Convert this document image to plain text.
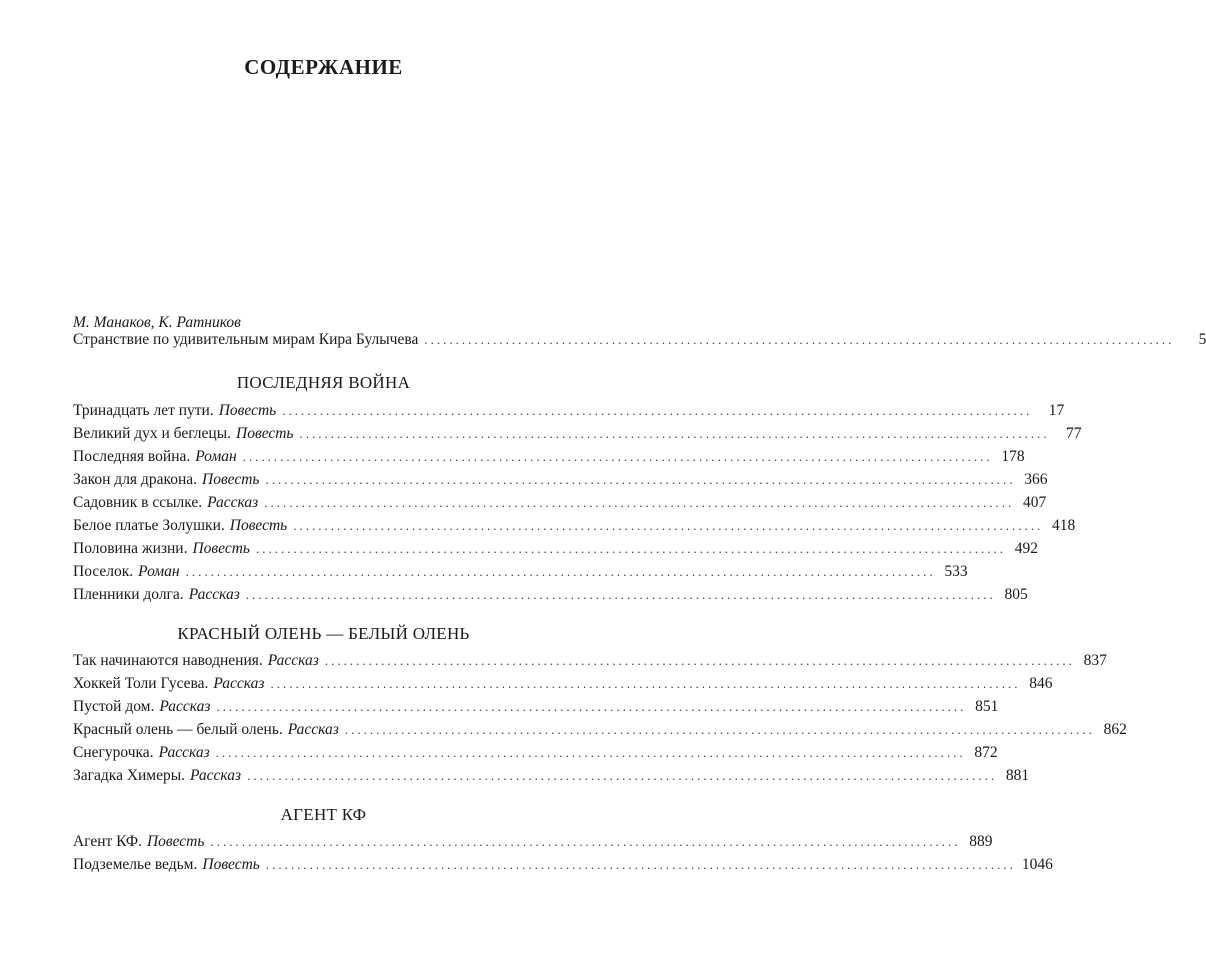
СОДЕРЖАНИЕ
М. Манаков, К. Ратников
Странствие по удивительным мирам Кира Булычева ........................................................................................................................	5
ПОСЛЕДНЯЯ ВОЙНА
Тринадцать лет пути. Повесть ........................................................................................................................	17
Великий дух и беглецы. Повесть ........................................................................................................................	77
Последняя война. Роман ........................................................................................................................ 178
Закон для дракона. Повесть ........................................................................................................................ 366
Садовник в ссылке. Рассказ ........................................................................................................................ 407
Белое платье Золушки. Повесть ........................................................................................................................ 418
Половина жизни. Повесть ........................................................................................................................ 492
Поселок. Роман ........................................................................................................................ 533
Пленники долга. Рассказ ........................................................................................................................ 805
КРАСНЫЙ ОЛЕНЬ — БЕЛЫЙ ОЛЕНЬ
Так начинаются наводнения. Рассказ ........................................................................................................................ 837
Хоккей Толи Гусева. Рассказ ........................................................................................................................ 846
Пустой дом. Рассказ ........................................................................................................................ 851
Красный олень — белый олень. Рассказ ........................................................................................................................ 862
Снегурочка. Рассказ ........................................................................................................................ 872
Загадка Химеры. Рассказ ........................................................................................................................ 881
АГЕНТ КФ
Агент КФ. Повесть ........................................................................................................................ 889
Подземелье ведьм. Повесть ........................................................................................................................ 1046
